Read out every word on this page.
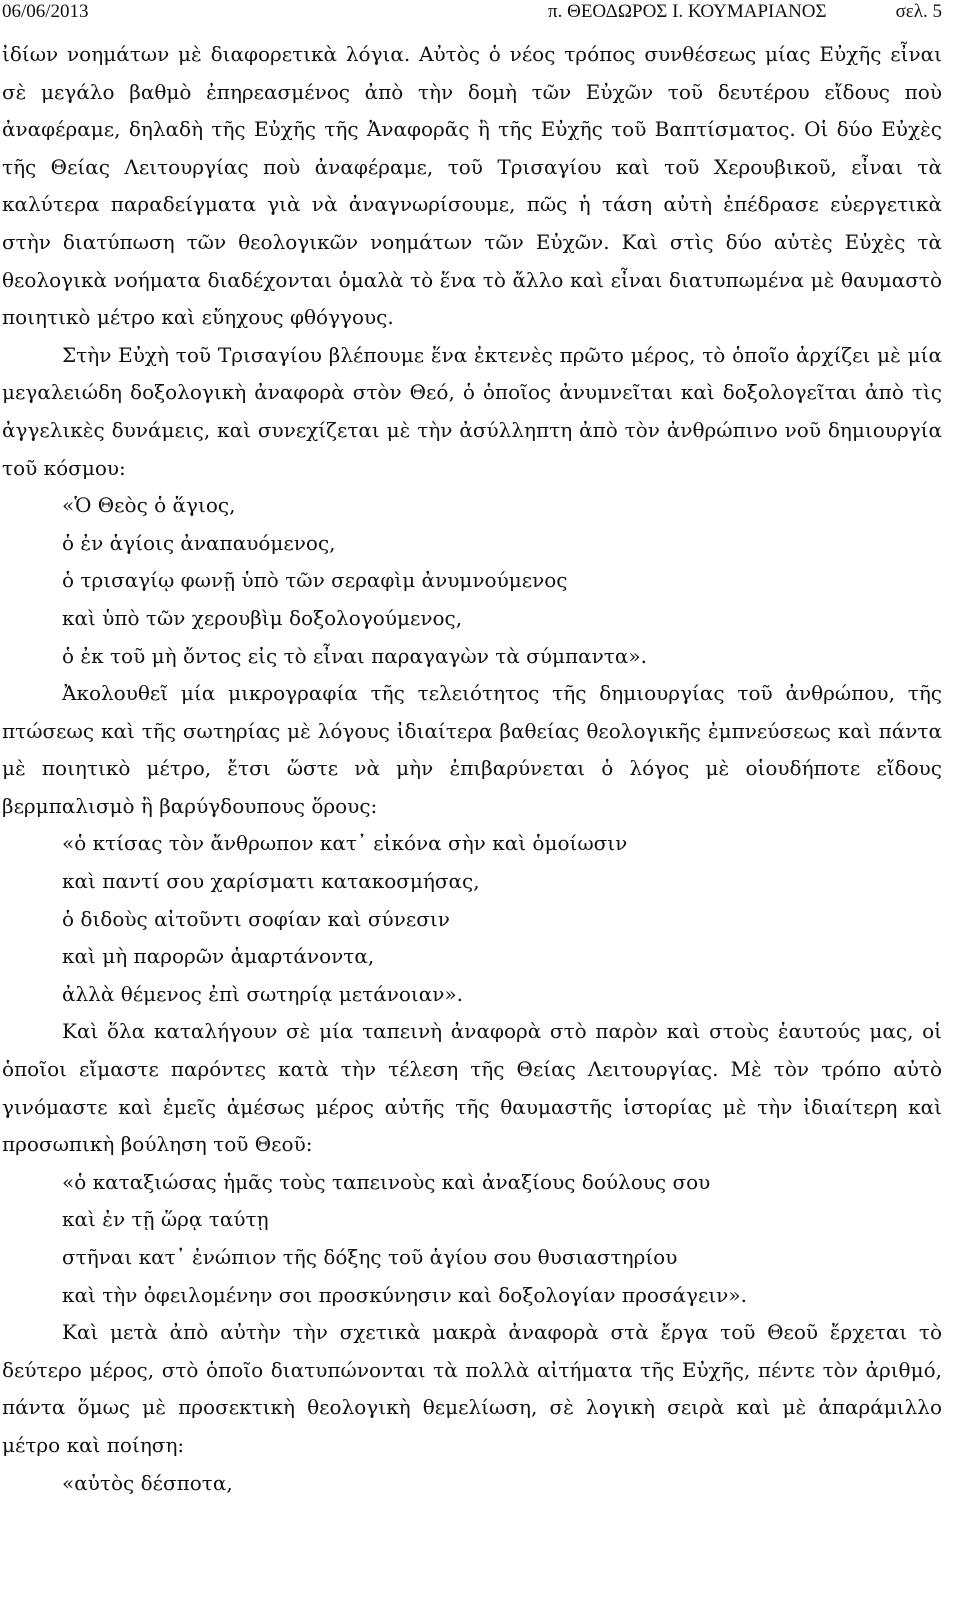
06/06/2013	π. ΘΕΟΔΩΡΟΣ Ι. ΚΟΥΜΑΡΙΑΝΟΣ	σελ. 5

ἰδίων νοημάτων μὲ διαφορετικὰ λόγια. Αὐτὸς ὁ νέος τρόπος συνθέσεως μίας Εὐχῆς εἶναι σὲ μεγάλο βαθμὸ ἐπηρεασμένος ἀπὸ τὴν δομὴ τῶν Εὐχῶν τοῦ δευτέρου εἴδους ποὺ ἀναφέραμε, δηλαδὴ τῆς Εὐχῆς τῆς Ἀναφορᾶς ἢ τῆς Εὐχῆς τοῦ Βαπτίσματος. Οἱ δύο Εὐχὲς τῆς Θείας Λειτουργίας ποὺ ἀναφέραμε, τοῦ Τρισαγίου καὶ τοῦ Χερουβικοῦ, εἶναι τὰ καλύτερα παραδείγματα γιὰ νὰ ἀναγνωρίσουμε, πῶς ἡ τάση αὐτὴ ἐπέδρασε εὐεργετικὰ στὴν διατύπωση τῶν θεολογικῶν νοημάτων τῶν Εὐχῶν. Καὶ στὶς δύο αὐτὲς Εὐχὲς τὰ θεολογικὰ νοήματα διαδέχονται ὁμαλὰ τὸ ἕνα τὸ ἄλλο καὶ εἶναι διατυπωμένα μὲ θαυμαστὸ ποιητικὸ μέτρο καὶ εὔηχους φθόγγους.

Στὴν Εὐχὴ τοῦ Τρισαγίου βλέπουμε ἕνα ἐκτενὲς πρῶτο μέρος, τὸ ὁποῖο ἀρχίζει μὲ μία μεγαλειώδη δοξολογικὴ ἀναφορὰ στὸν Θεό, ὁ ὁποῖος ἀνυμνεῖται καὶ δοξολογεῖται ἀπὸ τὶς ἀγγελικὲς δυνάμεις, καὶ συνεχίζεται μὲ τὴν ἀσύλληπτη ἀπὸ τὸν ἀνθρώπινο νοῦ δημιουργία τοῦ κόσμου:

«Ὁ Θεὸς ὁ ἅγιος,
ὁ ἐν ἁγίοις ἀναπαυόμενος,
ὁ τρισαγίῳ φωνῇ ὑπὸ τῶν σεραφὶμ ἀνυμνούμενος
καὶ ὑπὸ τῶν χερουβὶμ δοξολογούμενος,
ὁ ἐκ τοῦ μὴ ὄντος εἰς τὸ εἶναι παραγαγὼν τὰ σύμπαντα».

Ἀκολουθεῖ μία μικρογραφία τῆς τελειότητος τῆς δημιουργίας τοῦ ἀνθρώπου, τῆς πτώσεως καὶ τῆς σωτηρίας μὲ λόγους ἰδιαίτερα βαθείας θεολογικῆς ἐμπνεύσεως καὶ πάντα μὲ ποιητικὸ μέτρο, ἔτσι ὥστε νὰ μὴν ἐπιβαρύνεται ὁ λόγος μὲ οἱουδήποτε εἴδους βερμπαλισμὸ ἢ βαρύγδουπους ὅρους:

«ὁ κτίσας τὸν ἄνθρωπον κατ᾽ εἰκόνα σὴν καὶ ὁμοίωσιν
καὶ παντί σου χαρίσματι κατακοσμήσας,
ὁ διδοὺς αἰτοῦντι σοφίαν καὶ σύνεσιν
καὶ μὴ παρορῶν ἁμαρτάνοντα,
ἀλλὰ θέμενος ἐπὶ σωτηρίᾳ μετάνοιαν».

Καὶ ὅλα καταλήγουν σὲ μία ταπεινὴ ἀναφορὰ στὸ παρὸν καὶ στοὺς ἑαυτούς μας, οἱ ὁποῖοι εἴμαστε παρόντες κατὰ τὴν τέλεση τῆς Θείας Λειτουργίας. Μὲ τὸν τρόπο αὐτὸ γινόμαστε καὶ ἐμεῖς ἀμέσως μέρος αὐτῆς τῆς θαυμαστῆς ἱστορίας μὲ τὴν ἰδιαίτερη καὶ προσωπικὴ βούληση τοῦ Θεοῦ:

«ὁ καταξιώσας ἡμᾶς τοὺς ταπεινοὺς καὶ ἀναξίους δούλους σου
καὶ ἐν τῇ ὥρᾳ ταύτῃ
στῆναι κατ᾽ ἐνώπιον τῆς δόξης τοῦ ἁγίου σου θυσιαστηρίου
καὶ τὴν ὀφειλομένην σοι προσκύνησιν καὶ δοξολογίαν προσάγειν».

Καὶ μετὰ ἀπὸ αὐτὴν τὴν σχετικὰ μακρὰ ἀναφορὰ στὰ ἔργα τοῦ Θεοῦ ἔρχεται τὸ δεύτερο μέρος, στὸ ὁποῖο διατυπώνονται τὰ πολλὰ αἰτήματα τῆς Εὐχῆς, πέντε τὸν ἀριθμό, πάντα ὅμως μὲ προσεκτικὴ θεολογικὴ θεμελίωση, σὲ λογικὴ σειρὰ καὶ μὲ ἀπαράμιλλο μέτρο καὶ ποίηση:

«αὐτὸς δέσποτα,
